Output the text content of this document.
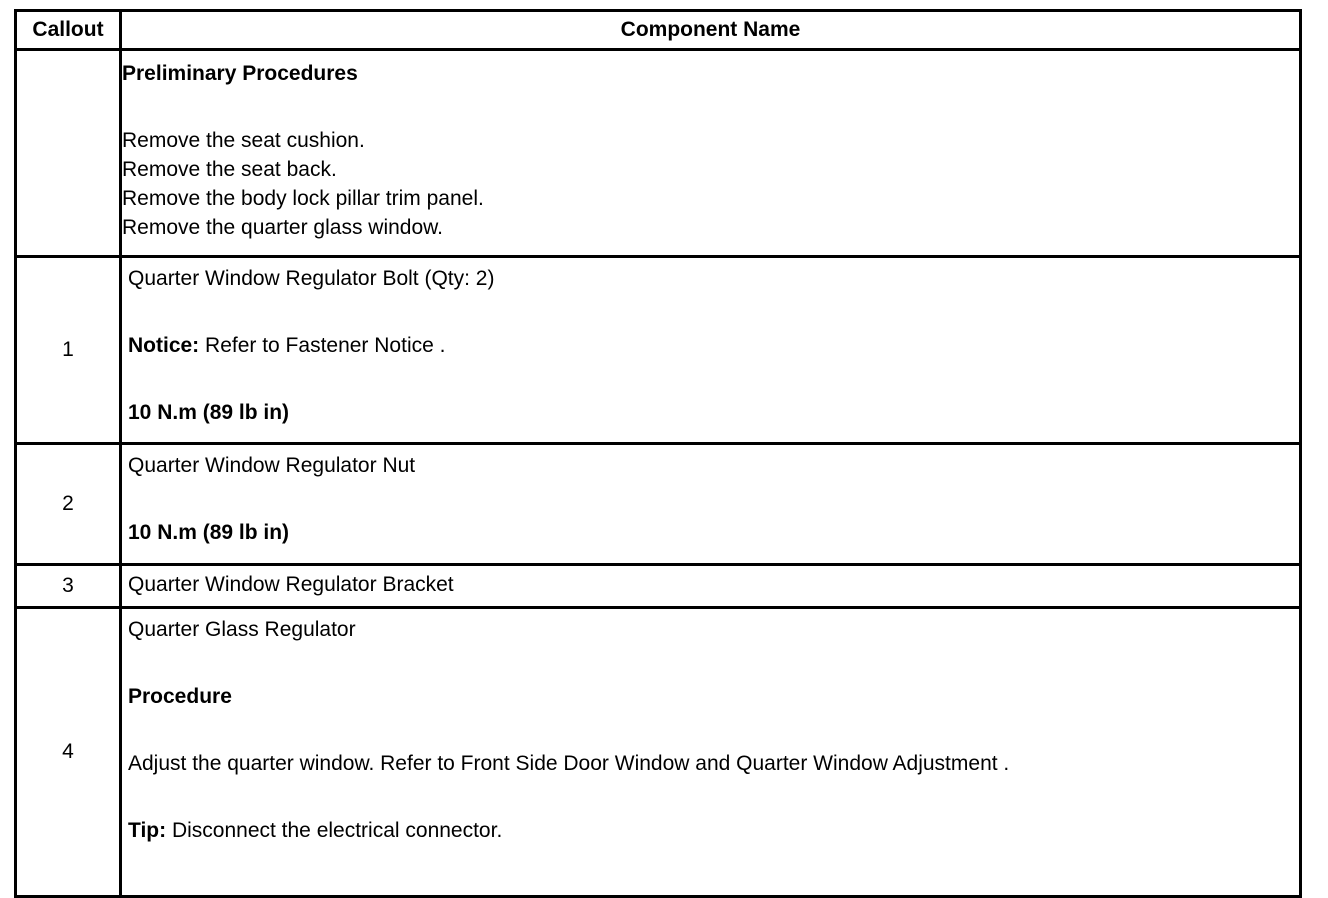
Callout	Component Name

	Preliminary Procedures
Remove the seat cushion.
Remove the seat back.
Remove the body lock pillar trim panel.
Remove the quarter glass window.

1	Quarter Window Regulator Bolt (Qty: 2)
Notice: Refer to Fastener Notice .
10 N.m (89 lb in)

2	Quarter Window Regulator Nut
10 N.m (89 lb in)

3	Quarter Window Regulator Bracket

4	Quarter Glass Regulator
Procedure
Adjust the quarter window. Refer to Front Side Door Window and Quarter Window Adjustment .
Tip: Disconnect the electrical connector.
